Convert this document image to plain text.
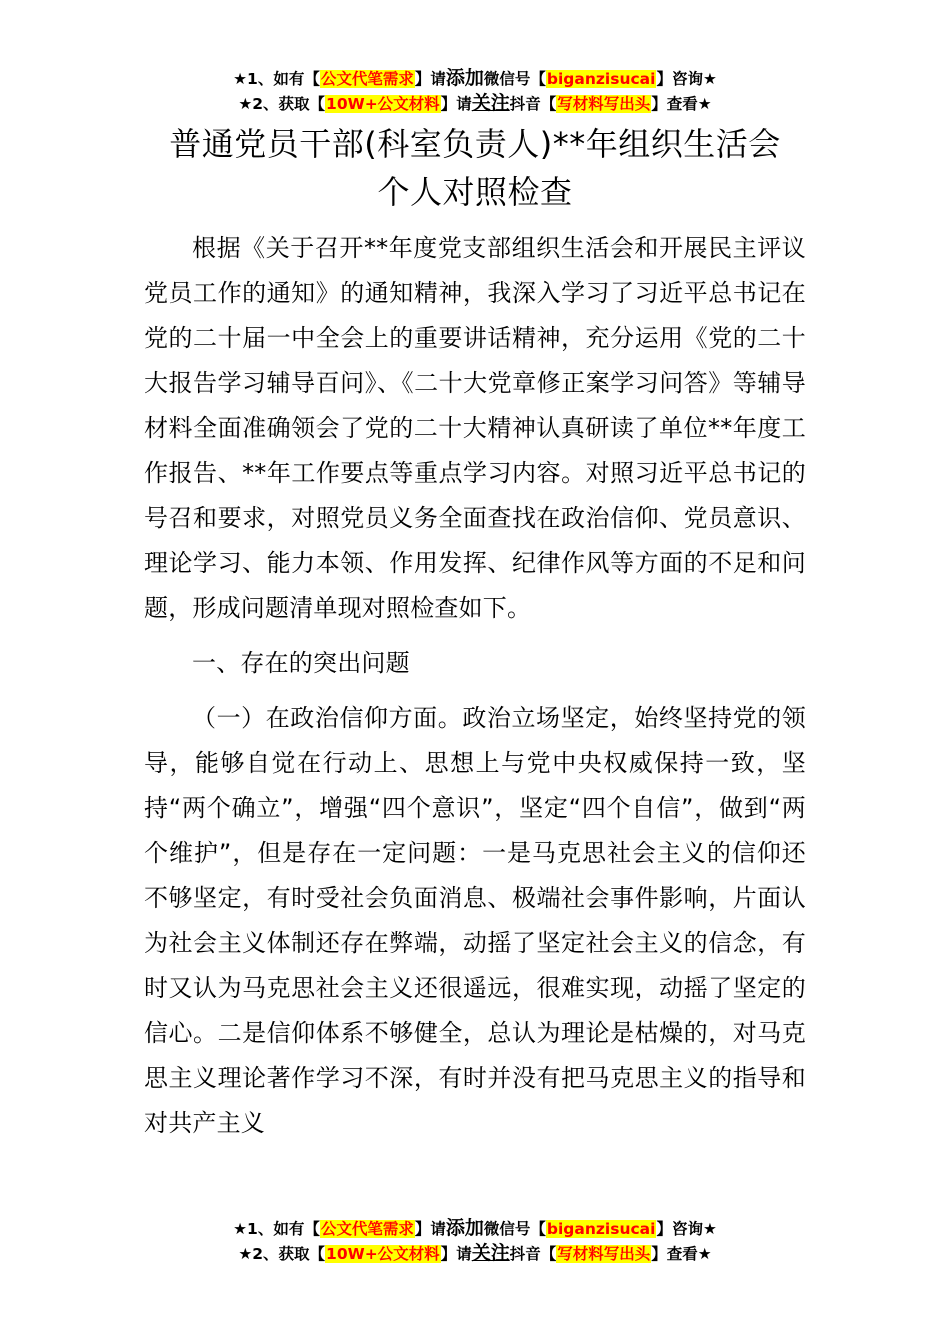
★1、如有【公文代笔需求】请添加微信号【biganzisucai】咨询★
★2、获取【10W+公文材料】请关注抖音【写材料写出头】查看★
普通党员干部(科室负责人)**年组织生活会
个人对照检查

根据《关于召开**年度党支部组织生活会和开展民主评议党员工作的通知》的通知精神，我深入学习了习近平总书记在党的二十届一中全会上的重要讲话精神，充分运用《党的二十大报告学习辅导百问》、《二十大党章修正案学习问答》等辅导材料全面准确领会了党的二十大精神认真研读了单位**年度工作报告、**年工作要点等重点学习内容。对照习近平总书记的号召和要求，对照党员义务全面查找在政治信仰、党员意识、理论学习、能力本领、作用发挥、纪律作风等方面的不足和问题，形成问题清单现对照检查如下。

一、存在的突出问题

（一）在政治信仰方面。政治立场坚定，始终坚持党的领导，能够自觉在行动上、思想上与党中央权威保持一致，坚持“两个确立”，增强“四个意识”，坚定“四个自信”，做到“两个维护”，但是存在一定问题：一是马克思社会主义的信仰还不够坚定，有时受社会负面消息、极端社会事件影响，片面认为社会主义体制还存在弊端，动摇了坚定社会主义的信念，有时又认为马克思社会主义还很遥远，很难实现，动摇了坚定的信心。二是信仰体系不够健全，总认为理论是枯燥的，对马克思主义理论著作学习不深，有时并没有把马克思主义的指导和对共产主义

★1、如有【公文代笔需求】请添加微信号【biganzisucai】咨询★
★2、获取【10W+公文材料】请关注抖音【写材料写出头】查看★
